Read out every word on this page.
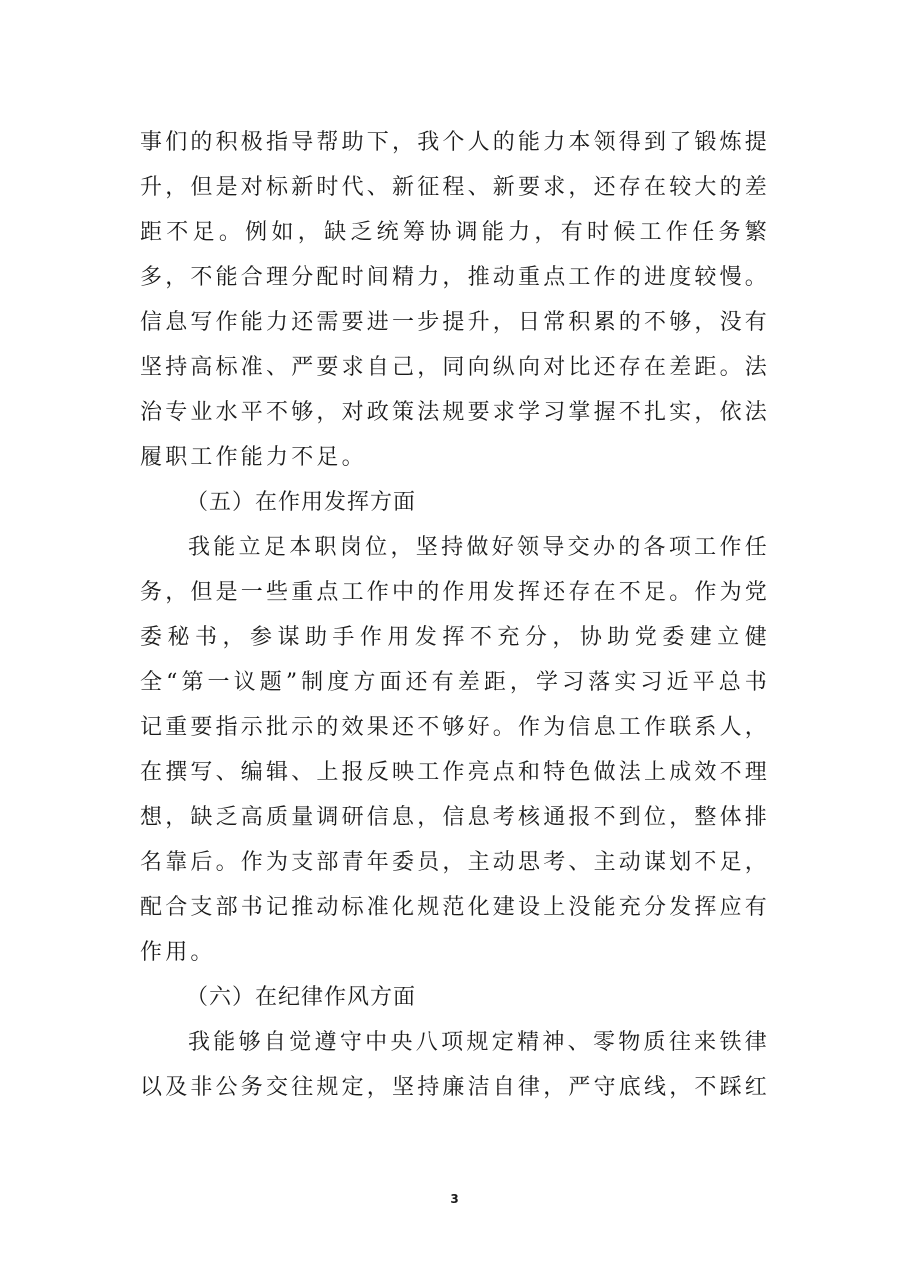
事们的积极指导帮助下，我个人的能力本领得到了锻炼提升，但是对标新时代、新征程、新要求，还存在较大的差距不足。例如，缺乏统筹协调能力，有时候工作任务繁多，不能合理分配时间精力，推动重点工作的进度较慢。信息写作能力还需要进一步提升，日常积累的不够，没有坚持高标准、严要求自己，同向纵向对比还存在差距。法治专业水平不够，对政策法规要求学习掌握不扎实，依法履职工作能力不足。

（五）在作用发挥方面

我能立足本职岗位，坚持做好领导交办的各项工作任务，但是一些重点工作中的作用发挥还存在不足。作为党委秘书，参谋助手作用发挥不充分，协助党委建立健全“第一议题”制度方面还有差距，学习落实习近平总书记重要指示批示的效果还不够好。作为信息工作联系人，在撰写、编辑、上报反映工作亮点和特色做法上成效不理想，缺乏高质量调研信息，信息考核通报不到位，整体排名靠后。作为支部青年委员，主动思考、主动谋划不足，配合支部书记推动标准化规范化建设上没能充分发挥应有作用。

（六）在纪律作风方面

我能够自觉遵守中央八项规定精神、零物质往来铁律以及非公务交往规定，坚持廉洁自律，严守底线，不踩红

3
